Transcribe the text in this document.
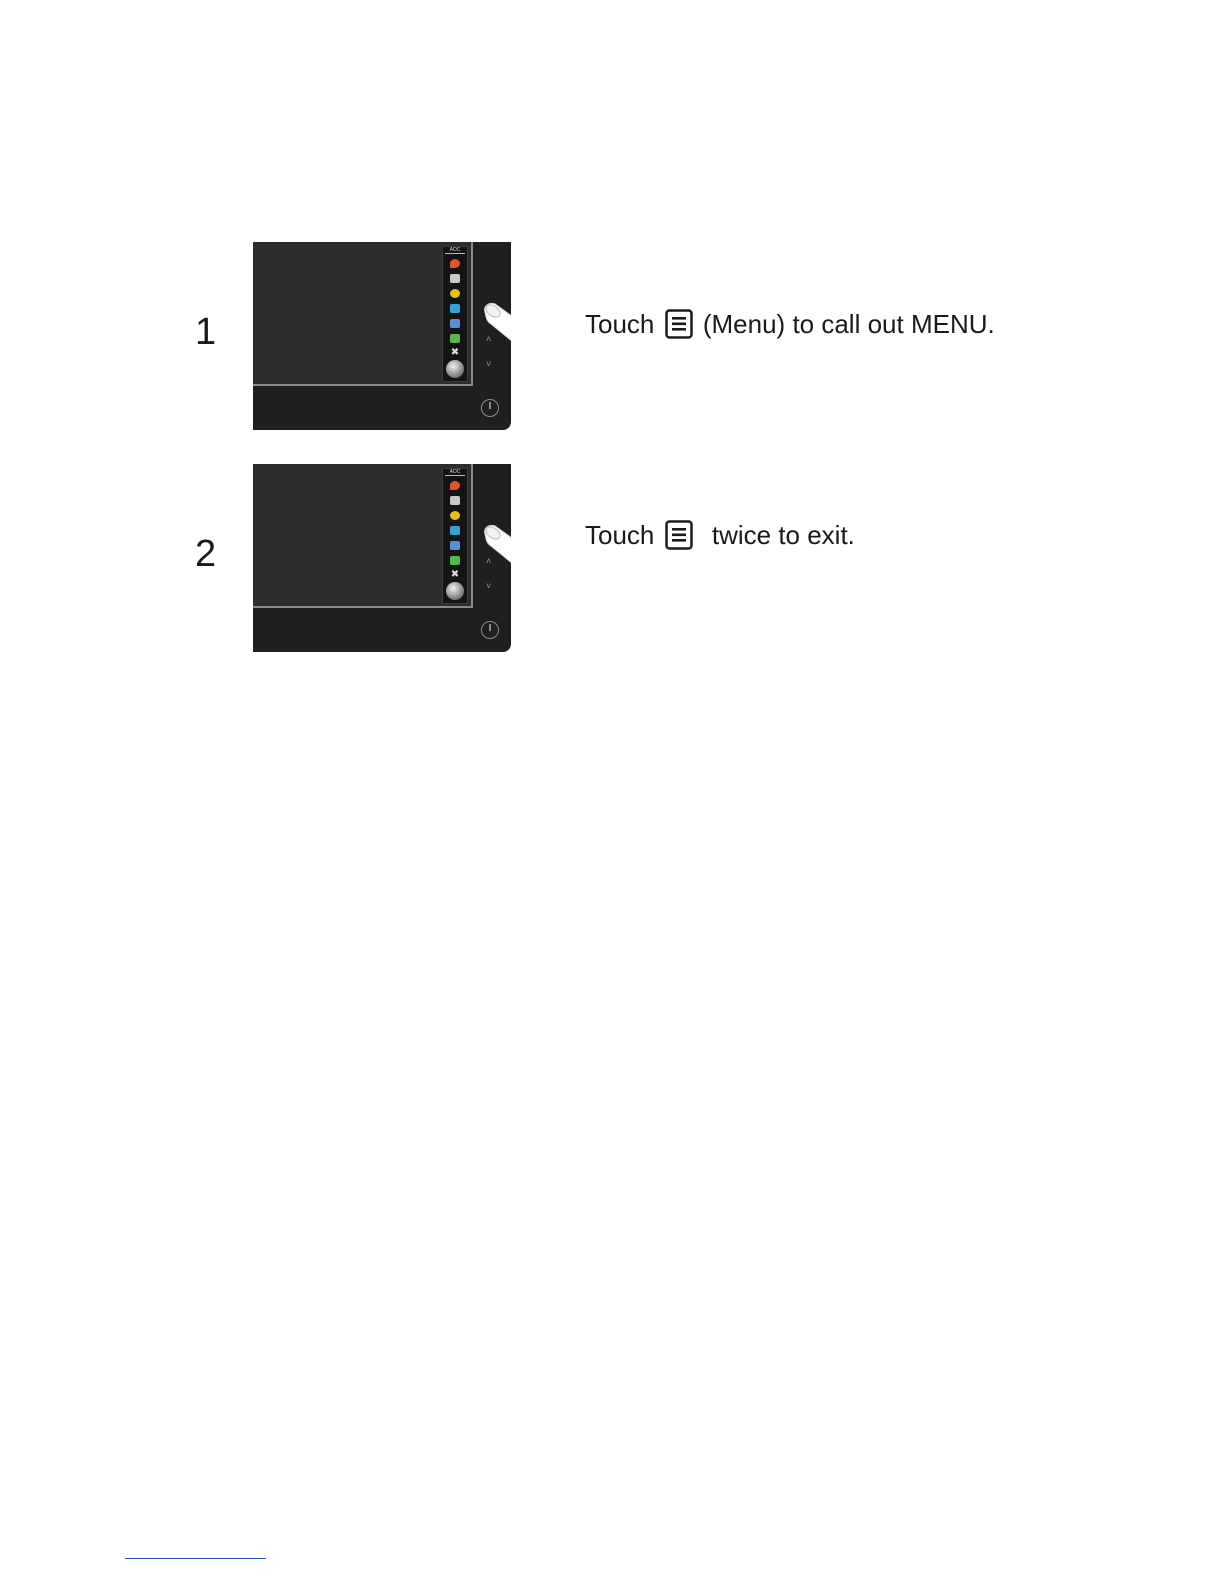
1
AOC
✖
˄
˅
Touch (Menu) to call out MENU.
2
AOC
✖
˄
˅
Touch twice to exit.
